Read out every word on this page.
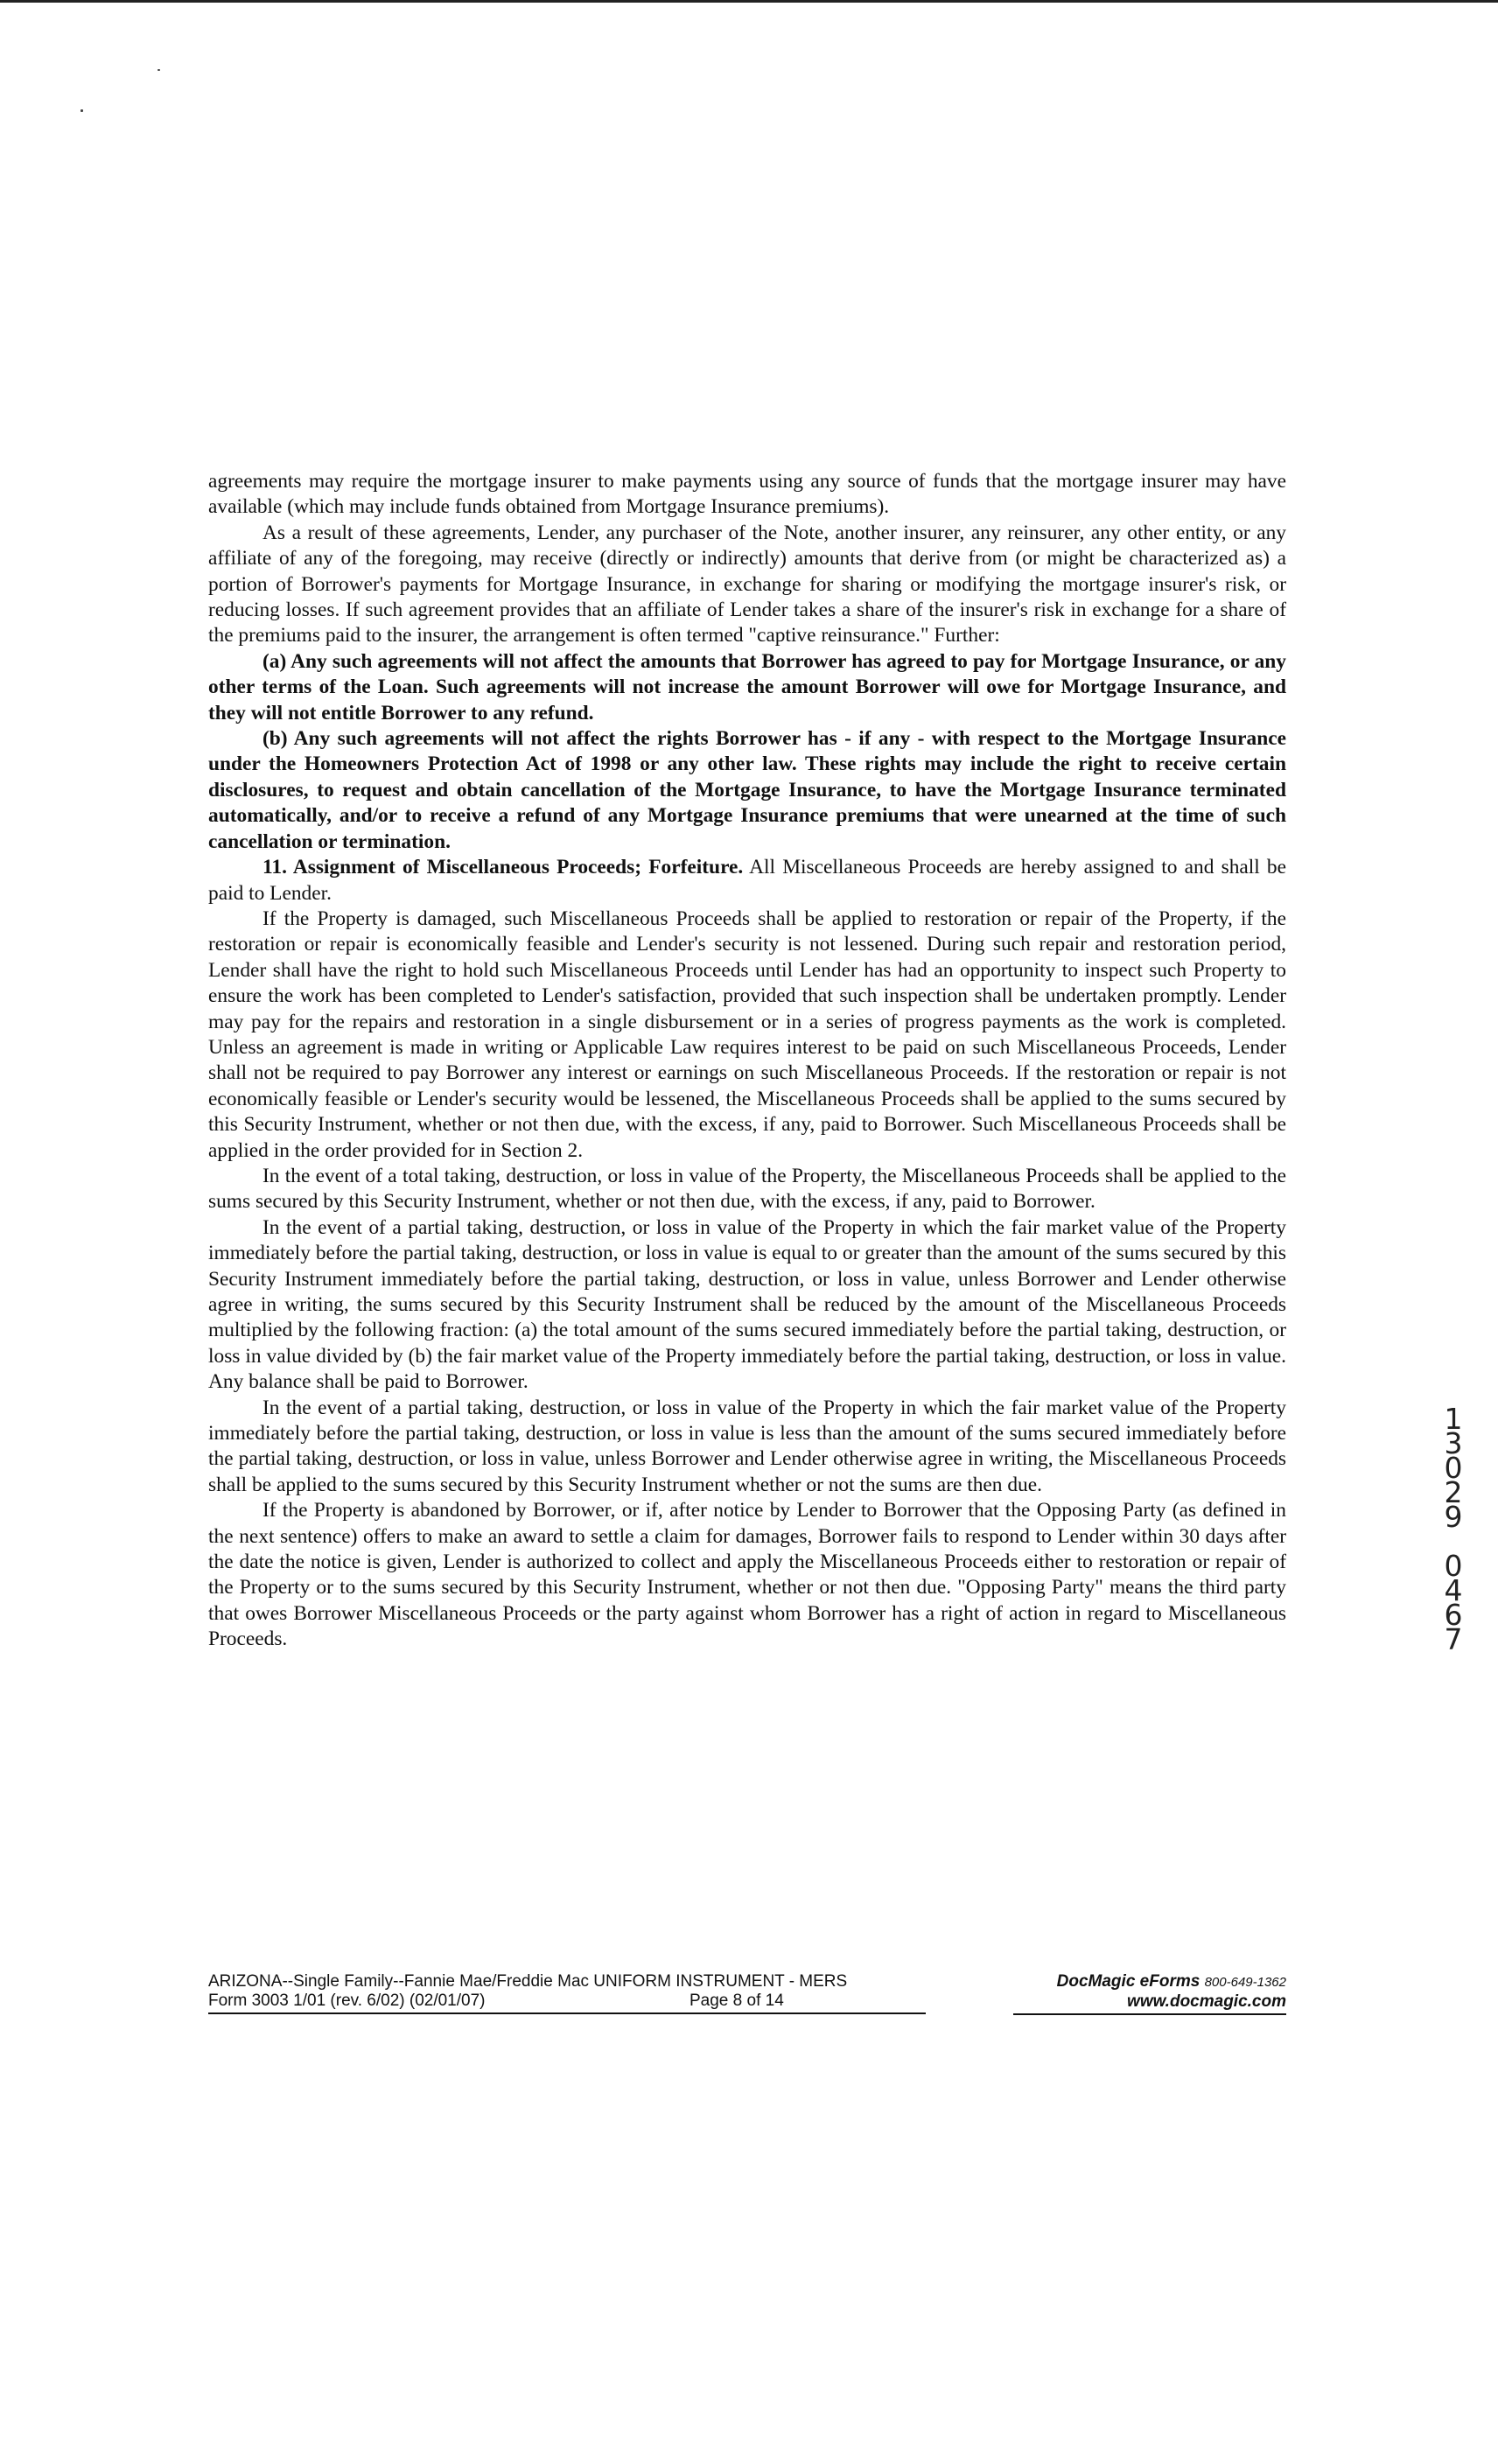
agreements may require the mortgage insurer to make payments using any source of funds that the mortgage insurer may have available (which may include funds obtained from Mortgage Insurance premiums).

As a result of these agreements, Lender, any purchaser of the Note, another insurer, any reinsurer, any other entity, or any affiliate of any of the foregoing, may receive (directly or indirectly) amounts that derive from (or might be characterized as) a portion of Borrower's payments for Mortgage Insurance, in exchange for sharing or modifying the mortgage insurer's risk, or reducing losses. If such agreement provides that an affiliate of Lender takes a share of the insurer's risk in exchange for a share of the premiums paid to the insurer, the arrangement is often termed "captive reinsurance." Further:

(a) Any such agreements will not affect the amounts that Borrower has agreed to pay for Mortgage Insurance, or any other terms of the Loan. Such agreements will not increase the amount Borrower will owe for Mortgage Insurance, and they will not entitle Borrower to any refund.

(b) Any such agreements will not affect the rights Borrower has - if any - with respect to the Mortgage Insurance under the Homeowners Protection Act of 1998 or any other law. These rights may include the right to receive certain disclosures, to request and obtain cancellation of the Mortgage Insurance, to have the Mortgage Insurance terminated automatically, and/or to receive a refund of any Mortgage Insurance premiums that were unearned at the time of such cancellation or termination.

11. Assignment of Miscellaneous Proceeds; Forfeiture. All Miscellaneous Proceeds are hereby assigned to and shall be paid to Lender.

If the Property is damaged, such Miscellaneous Proceeds shall be applied to restoration or repair of the Property, if the restoration or repair is economically feasible and Lender's security is not lessened. During such repair and restoration period, Lender shall have the right to hold such Miscellaneous Proceeds until Lender has had an opportunity to inspect such Property to ensure the work has been completed to Lender's satisfaction, provided that such inspection shall be undertaken promptly. Lender may pay for the repairs and restoration in a single disbursement or in a series of progress payments as the work is completed. Unless an agreement is made in writing or Applicable Law requires interest to be paid on such Miscellaneous Proceeds, Lender shall not be required to pay Borrower any interest or earnings on such Miscellaneous Proceeds. If the restoration or repair is not economically feasible or Lender's security would be lessened, the Miscellaneous Proceeds shall be applied to the sums secured by this Security Instrument, whether or not then due, with the excess, if any, paid to Borrower. Such Miscellaneous Proceeds shall be applied in the order provided for in Section 2.

In the event of a total taking, destruction, or loss in value of the Property, the Miscellaneous Proceeds shall be applied to the sums secured by this Security Instrument, whether or not then due, with the excess, if any, paid to Borrower.

In the event of a partial taking, destruction, or loss in value of the Property in which the fair market value of the Property immediately before the partial taking, destruction, or loss in value is equal to or greater than the amount of the sums secured by this Security Instrument immediately before the partial taking, destruction, or loss in value, unless Borrower and Lender otherwise agree in writing, the sums secured by this Security Instrument shall be reduced by the amount of the Miscellaneous Proceeds multiplied by the following fraction: (a) the total amount of the sums secured immediately before the partial taking, destruction, or loss in value divided by (b) the fair market value of the Property immediately before the partial taking, destruction, or loss in value. Any balance shall be paid to Borrower.

In the event of a partial taking, destruction, or loss in value of the Property in which the fair market value of the Property immediately before the partial taking, destruction, or loss in value is less than the amount of the sums secured immediately before the partial taking, destruction, or loss in value, unless Borrower and Lender otherwise agree in writing, the Miscellaneous Proceeds shall be applied to the sums secured by this Security Instrument whether or not the sums are then due.

If the Property is abandoned by Borrower, or if, after notice by Lender to Borrower that the Opposing Party (as defined in the next sentence) offers to make an award to settle a claim for damages, Borrower fails to respond to Lender within 30 days after the date the notice is given, Lender is authorized to collect and apply the Miscellaneous Proceeds either to restoration or repair of the Property or to the sums secured by this Security Instrument, whether or not then due. "Opposing Party" means the third party that owes Borrower Miscellaneous Proceeds or the party against whom Borrower has a right of action in regard to Miscellaneous Proceeds.

13029
0467
ARIZONA--Single Family--Fannie Mae/Freddie Mac UNIFORM INSTRUMENT - MERS
Form 3003 1/01 (rev. 6/02) (02/01/07)	Page 8 of 14
DocMagic eForms 800-649-1362
www.docmagic.com
